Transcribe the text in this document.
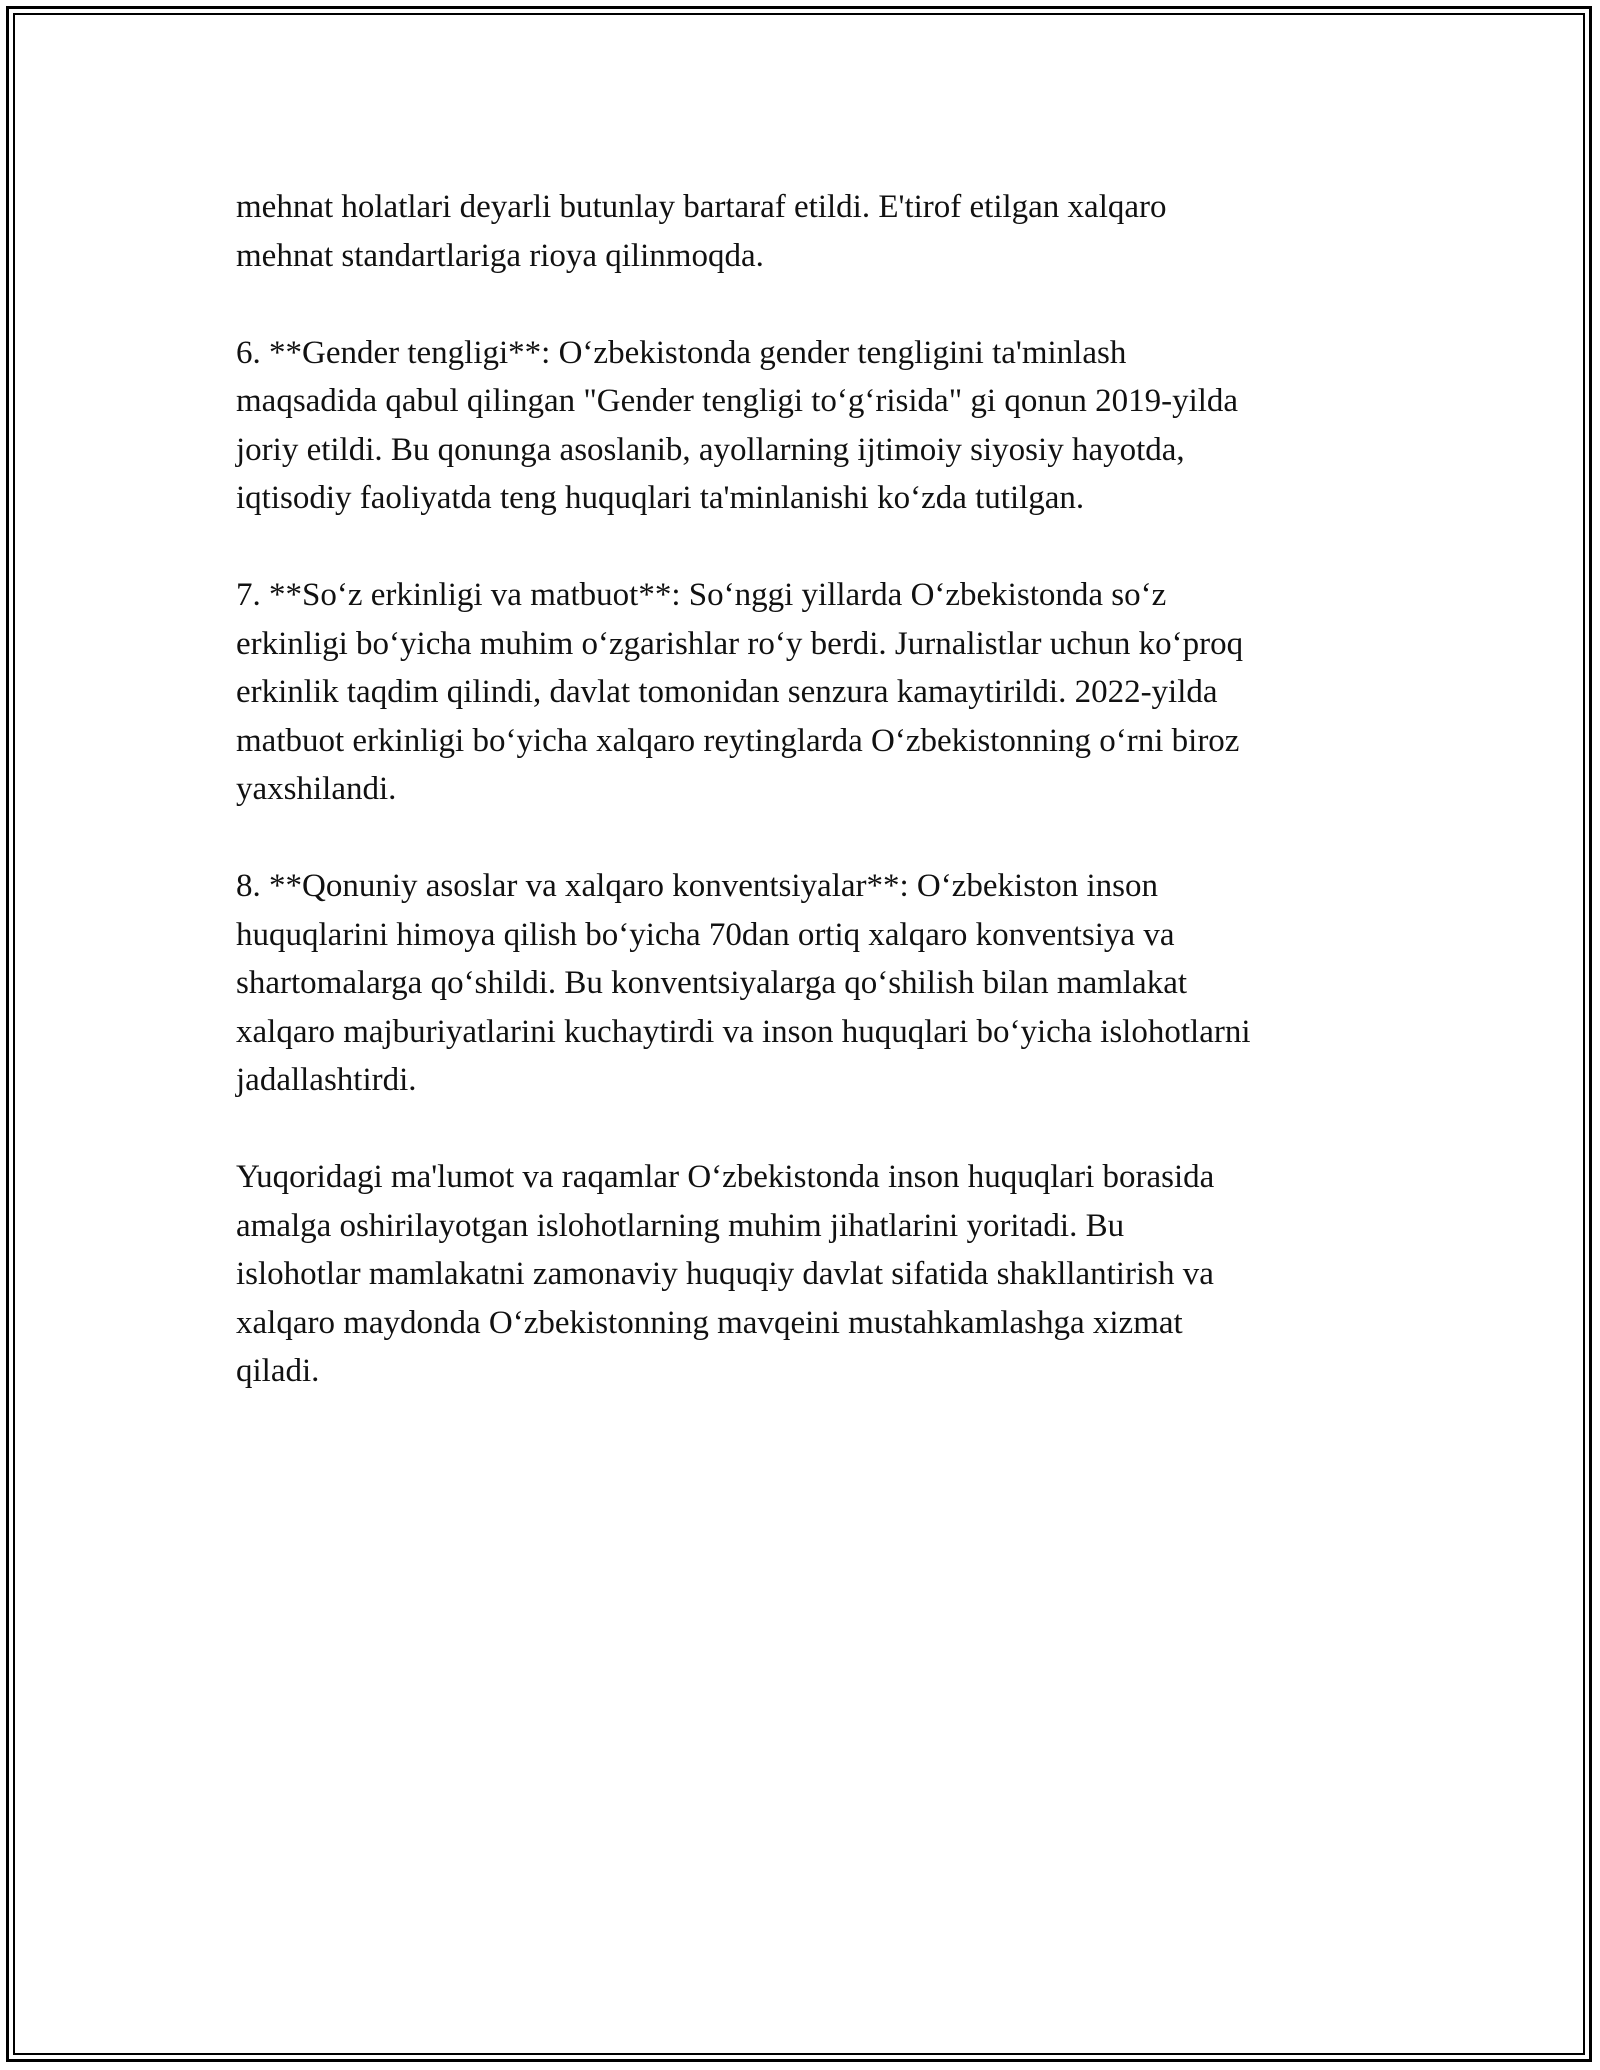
mehnat holatlari deyarli butunlay bartaraf etildi. E'tirof etilgan xalqaro
mehnat standartlariga rioya qilinmoqda.

6. **Gender tengligi**: O‘zbekistonda gender tengligini ta'minlash
maqsadida qabul qilingan "Gender tengligi to‘g‘risida" gi qonun 2019-yilda
joriy etildi. Bu qonunga asoslanib, ayollarning ijtimoiy siyosiy hayotda,
iqtisodiy faoliyatda teng huquqlari ta'minlanishi ko‘zda tutilgan.

7. **So‘z erkinligi va matbuot**: So‘nggi yillarda O‘zbekistonda so‘z
erkinligi bo‘yicha muhim o‘zgarishlar ro‘y berdi. Jurnalistlar uchun ko‘proq
erkinlik taqdim qilindi, davlat tomonidan senzura kamaytirildi. 2022-yilda
matbuot erkinligi bo‘yicha xalqaro reytinglarda O‘zbekistonning o‘rni biroz
yaxshilandi.

8. **Qonuniy asoslar va xalqaro konventsiyalar**: O‘zbekiston inson
huquqlarini himoya qilish bo‘yicha 70dan ortiq xalqaro konventsiya va
shartomalarga qo‘shildi. Bu konventsiyalarga qo‘shilish bilan mamlakat
xalqaro majburiyatlarini kuchaytirdi va inson huquqlari bo‘yicha islohotlarni
jadallashtirdi.

Yuqoridagi ma'lumot va raqamlar O‘zbekistonda inson huquqlari borasida
amalga oshirilayotgan islohotlarning muhim jihatlarini yoritadi. Bu
islohotlar mamlakatni zamonaviy huquqiy davlat sifatida shakllantirish va
xalqaro maydonda O‘zbekistonning mavqeini mustahkamlashga xizmat
qiladi.
